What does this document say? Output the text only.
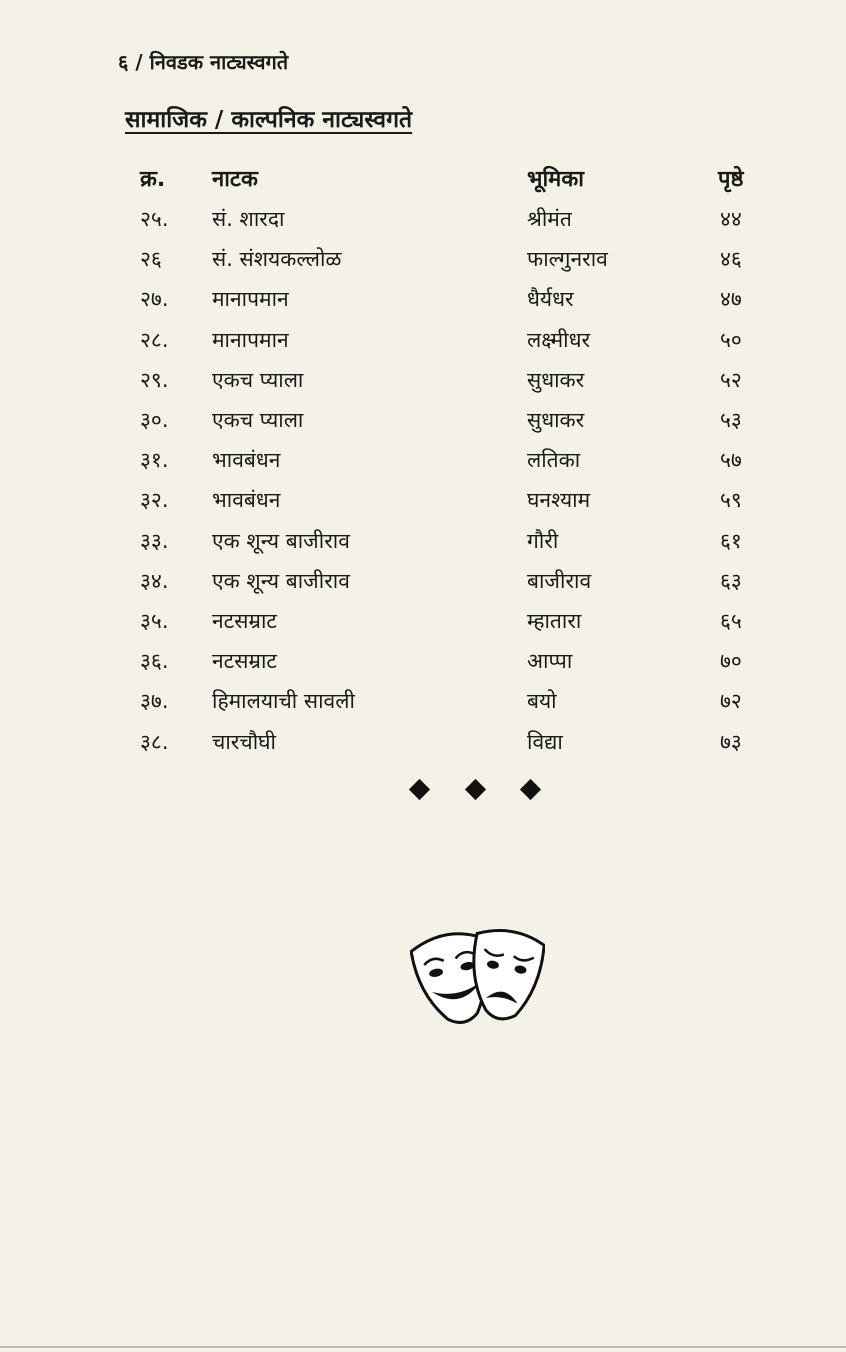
६ / निवडक नाट्यस्वगते
सामाजिक / काल्पनिक नाट्यस्वगते
क्र. नाटक	भूमिका	पृष्ठे
२५. सं. शारदा	श्रीमंत	४४
२६ सं. संशयकल्लोळ	फाल्गुनराव	४६
२७. मानापमान	धैर्यधर	४७
२८. मानापमान	लक्ष्मीधर	५०
२९. एकच प्याला	सुधाकर	५२
३०. एकच प्याला	सुधाकर	५३
३१. भावबंधन	लतिका	५७
३२. भावबंधन	घनश्याम	५९
३३. एक शून्य बाजीराव	गौरी	६१
३४. एक शून्य बाजीराव	बाजीराव	६३
३५. नटसम्राट	म्हातारा	६५
३६. नटसम्राट	आप्पा	७०
३७. हिमालयाची सावली	बयो	७२
३८. चारचौघी	विद्या	७३
